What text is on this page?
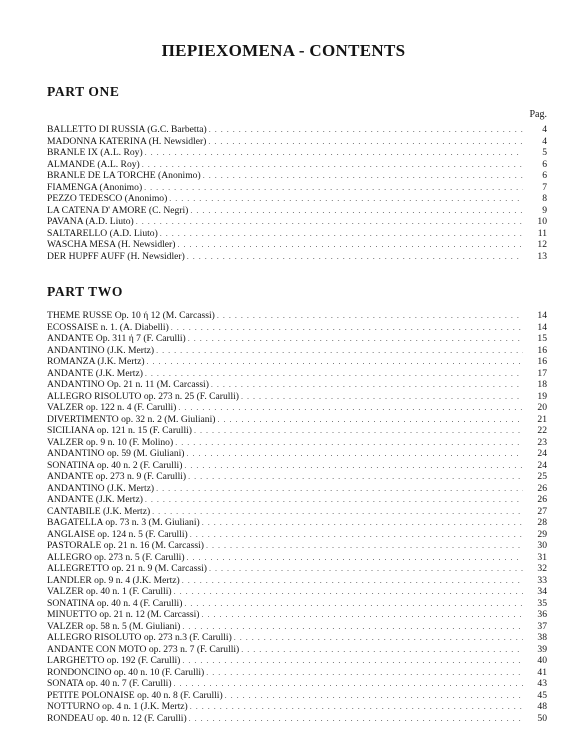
ΠΕΡΙΕΧΟΜΕΝΑ - CONTENTS
PART ONE
Pag.
BALLETTO DI RUSSIA (G.C. Barbetta) . . .	4
MADONNA KATERINA (H. Newsidler) . . .	4
BRANLE IX (A.L. Roy) . . .	5
ALMANDE (A.L. Roy) . . .	6
BRANLE DE LA TORCHE (Anonimo) . . .	6
FIAMENGA (Anonimo) . . .	7
PEZZO TEDESCO (Anonimo) . . .	8
LA CATENA D' AMORE (C. Negri) . . .	9
PAVANA (A.D. Liuto) . . .	10
SALTARELLO (A.D. Liuto) . . .	11
WASCHA MESA (H. Newsidler) . . .	12
DER HUPFF AUFF (H. Newsidler) . . .	13
PART TWO
THEME RUSSE Op. 10 ή 12 (M. Carcassi) . . .	14
ECOSSAISE n. 1. (A. Diabelli) . . .	14
ANDANTE Op. 311 ή 7 (F. Carulli) . . .	15
ANDANTINO (J.K. Mertz) . . .	16
ROMANZA (J.K. Mertz) . . .	16
ANDANTE (J.K. Mertz) . . .	17
ANDANTINO Op. 21 n. 11 (M. Carcassi) . . .	18
ALLEGRO RISOLUTO op. 273 n. 25 (F. Carulli) . . .	19
VALZER op. 122 n. 4 (F. Carulli) . . .	20
DIVERTIMENTO op. 32 n. 2 (M. Giuliani) . . .	21
SICILIANA op. 121 n. 15 (F. Carulli) . . .	22
VALZER op. 9 n. 10 (F. Molino) . . .	23
ANDANTINO op. 59 (M. Giuliani) . . .	24
SONATINA op. 40 n. 2 (F. Carulli) . . .	24
ANDANTE op. 273 n. 9 (F. Carulli) . . .	25
ANDANTINO (J.K. Mertz) . . .	26
ANDANTE (J.K. Mertz) . . .	26
CANTABILE (J.K. Mertz) . . .	27
BAGATELLA op. 73 n. 3 (M. Giuliani) . . .	28
ANGLAISE op. 124 n. 5 (F. Carulli) . . .	29
PASTORALE op. 21 n. 16 (M. Carcassi) . . .	30
ALLEGRO op. 273 n. 5 (F. Carulli) . . .	31
ALLEGRETTO op. 21 n. 9 (M. Carcassi) . . .	32
LANDLER op. 9 n. 4 (J.K. Mertz) . . .	33
VALZER op. 40 n. 1 (F. Carulli) . . .	34
SONATINA op. 40 n. 4 (F. Carulli) . . .	35
MINUETTO op. 21 n. 12 (M. Carcassi) . . .	36
VALZER op. 58 n. 5 (M. Giuliani) . . .	37
ALLEGRO RISOLUTO op. 273 n.3 (F. Carulli) . . .	38
ANDANTE CON MOTO op. 273 n. 7 (F. Carulli) . . .	39
LARGHETTO op. 192 (F. Carulli) . . .	40
RONDONCINO op. 40 n. 10 (F. Carulli) . . .	41
SONATA op. 40 n. 7 (F. Carulli) . . .	43
PETITE POLONAISE op. 40 n. 8 (F. Carulli) . . .	45
NOTTURNO op. 4 n. 1 (J.K. Mertz) . . .	48
RONDEAU op. 40 n. 12 (F. Carulli) . . .	50
